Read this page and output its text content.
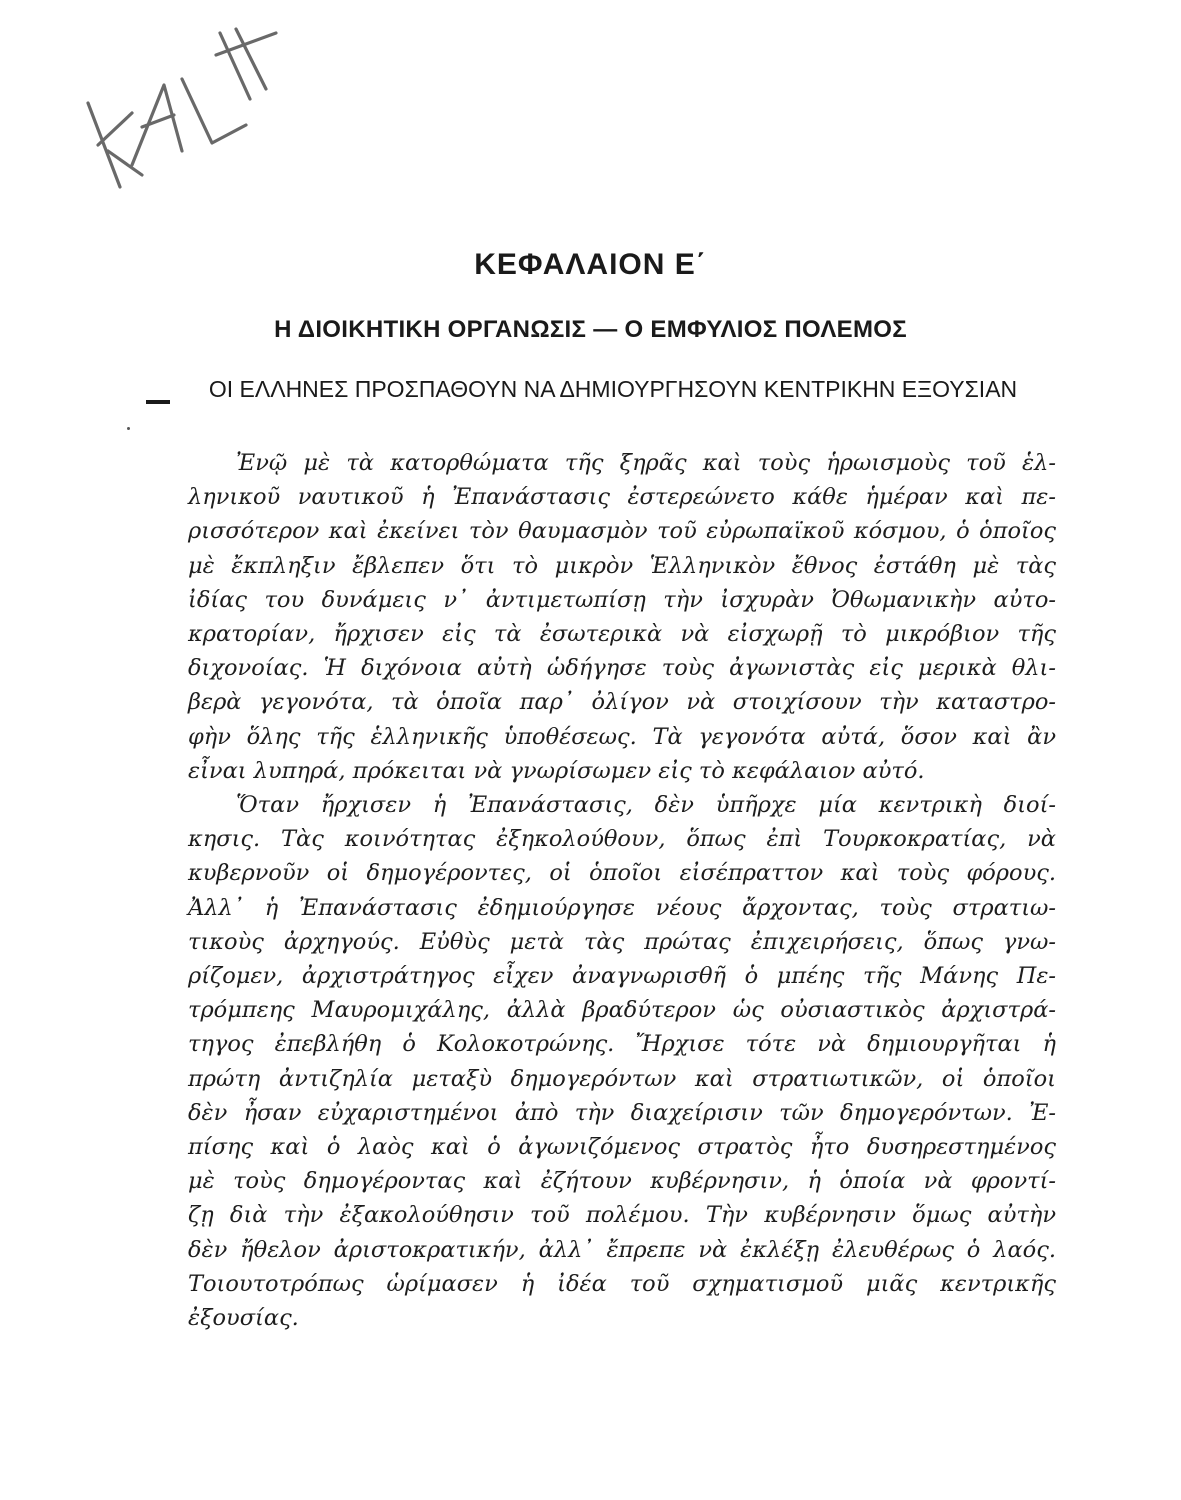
ΚΕΦΑΛΑΙΟΝ Ε΄
Η ΔΙΟΙΚΗΤΙΚΗ ΟΡΓΑΝΩΣΙΣ — Ο ΕΜΦΥΛΙΟΣ ΠΟΛΕΜΟΣ
ΟΙ ΕΛΛΗΝΕΣ ΠΡΟΣΠΑΘΟΥΝ ΝΑ ΔΗΜΙΟΥΡΓΗΣΟΥΝ ΚΕΝΤΡΙΚΗΝ ΕΞΟΥΣΙΑΝ
Ἐνῷ μὲ τὰ κατορθώματα τῆς ξηρᾶς καὶ τοὺς ἡρωισμοὺς τοῦ ἑλ-
ληνικοῦ ναυτικοῦ ἡ Ἐπανάστασις ἐστερεώνετο κάθε ἡμέραν καὶ πε-
ρισσότερον καὶ ἐκείνει τὸν θαυμασμὸν τοῦ εὐρωπαϊκοῦ κόσμου, ὁ ὁποῖος
μὲ ἔκπληξιν ἔβλεπεν ὅτι τὸ μικρὸν Ἑλληνικὸν ἔθνος ἐστάθη μὲ τὰς
ἰδίας του δυνάμεις ν᾿ ἀντιμετωπίσῃ τὴν ἰσχυρὰν Ὀθωμανικὴν αὐτο-
κρατορίαν, ἤρχισεν εἰς τὰ ἐσωτερικὰ νὰ εἰσχωρῇ τὸ μικρόβιον τῆς
διχονοίας. Ἡ διχόνοια αὐτὴ ὡδήγησε τοὺς ἀγωνιστὰς εἰς μερικὰ θλι-
βερὰ γεγονότα, τὰ ὁποῖα παρ᾿ ὀλίγον νὰ στοιχίσουν τὴν καταστρο-
φὴν ὅλης τῆς ἑλληνικῆς ὑποθέσεως. Τὰ γεγονότα αὐτά, ὅσον καὶ ἂν
εἶναι λυπηρά, πρόκειται νὰ γνωρίσωμεν εἰς τὸ κεφάλαιον αὐτό.
Ὅταν ἤρχισεν ἡ Ἐπανάστασις, δὲν ὑπῆρχε μία κεντρικὴ διοί-
κησις. Τὰς κοινότητας ἐξηκολούθουν, ὅπως ἐπὶ Τουρκοκρατίας, νὰ
κυβερνοῦν οἱ δημογέροντες, οἱ ὁποῖοι εἰσέπραττον καὶ τοὺς φόρους.
Ἀλλ᾿ ἡ Ἐπανάστασις ἐδημιούργησε νέους ἄρχοντας, τοὺς στρατιω-
τικοὺς ἀρχηγούς. Εὐθὺς μετὰ τὰς πρώτας ἐπιχειρήσεις, ὅπως γνω-
ρίζομεν, ἀρχιστράτηγος εἶχεν ἀναγνωρισθῆ ὁ μπέης τῆς Μάνης Πε-
τρόμπεης Μαυρομιχάλης, ἀλλὰ βραδύτερον ὡς οὐσιαστικὸς ἀρχιστρά-
τηγος ἐπεβλήθη ὁ Κολοκοτρώνης. Ἤρχισε τότε νὰ δημιουργῆται ἡ
πρώτη ἀντιζηλία μεταξὺ δημογερόντων καὶ στρατιωτικῶν, οἱ ὁποῖοι
δὲν ἦσαν εὐχαριστημένοι ἀπὸ τὴν διαχείρισιν τῶν δημογερόντων. Ἐ-
πίσης καὶ ὁ λαὸς καὶ ὁ ἀγωνιζόμενος στρατὸς ἦτο δυσηρεστημένος
μὲ τοὺς δημογέροντας καὶ ἐζήτουν κυβέρνησιν, ἡ ὁποία νὰ φροντί-
ζῃ διὰ τὴν ἐξακολούθησιν τοῦ πολέμου. Τὴν κυβέρνησιν ὅμως αὐτὴν
δὲν ἤθελον ἀριστοκρατικήν, ἀλλ᾿ ἔπρεπε νὰ ἐκλέξῃ ἐλευθέρως ὁ λαός.
Τοιουτοτρόπως ὡρίμασεν ἡ ἰδέα τοῦ σχηματισμοῦ μιᾶς κεντρικῆς
ἐξουσίας.
